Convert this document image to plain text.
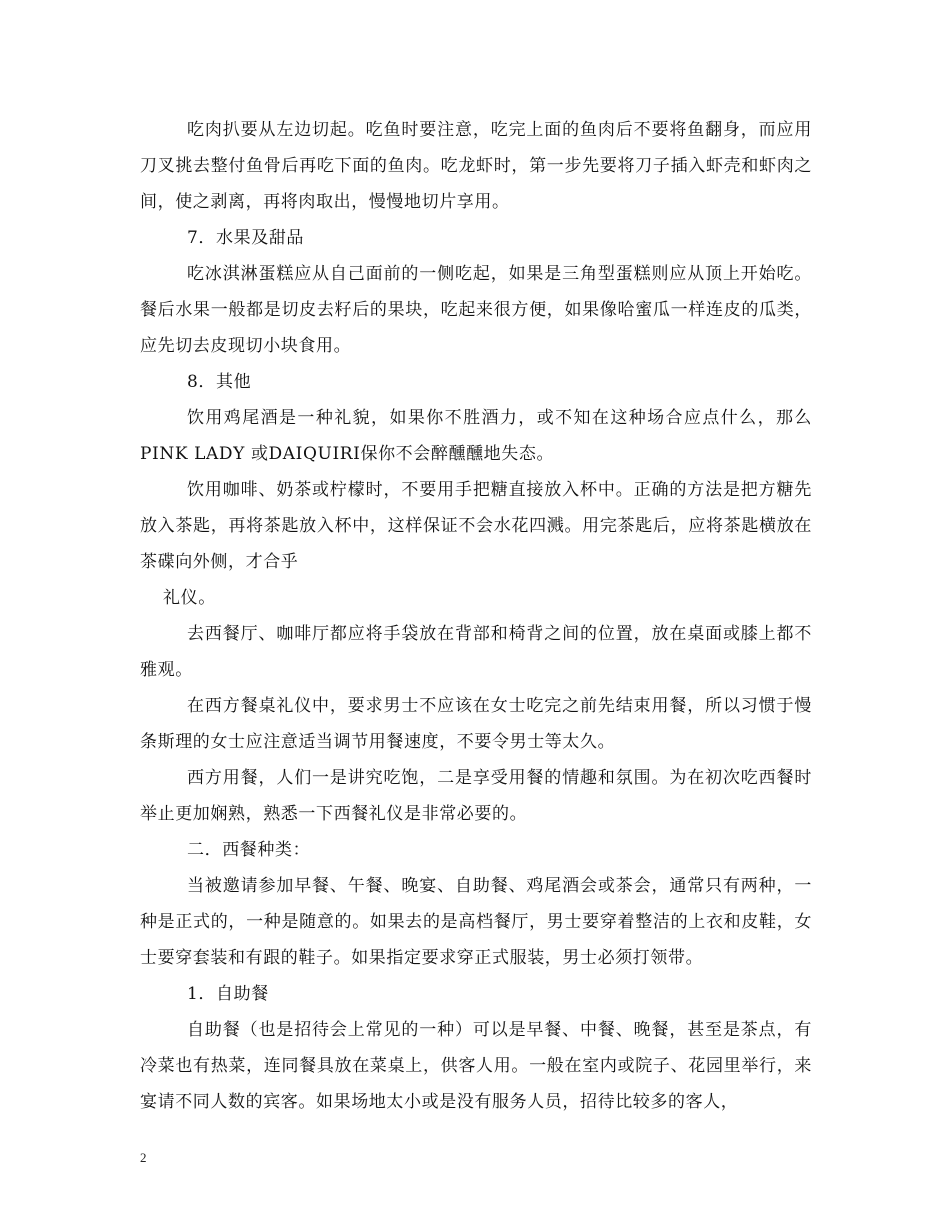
吃肉扒要从左边切起。吃鱼时要注意，吃完上面的鱼肉后不要将鱼翻身，而应用刀叉挑去整付鱼骨后再吃下面的鱼肉。吃龙虾时，第一步先要将刀子插入虾壳和虾肉之间，使之剥离，再将肉取出，慢慢地切片享用。

7．水果及甜品

吃冰淇淋蛋糕应从自己面前的一侧吃起，如果是三角型蛋糕则应从顶上开始吃。餐后水果一般都是切皮去籽后的果块，吃起来很方便，如果像哈蜜瓜一样连皮的瓜类，应先切去皮现切小块食用。

8．其他

饮用鸡尾酒是一种礼貌，如果你不胜酒力，或不知在这种场合应点什么，那么PINK LADY 或DAIQUIRI保你不会醉醺醺地失态。

饮用咖啡、奶茶或柠檬时，不要用手把糖直接放入杯中。正确的方法是把方糖先放入茶匙，再将茶匙放入杯中，这样保证不会水花四溅。用完茶匙后，应将茶匙横放在茶碟向外侧，才合乎

礼仪。

去西餐厅、咖啡厅都应将手袋放在背部和椅背之间的位置，放在桌面或膝上都不雅观。

在西方餐桌礼仪中，要求男士不应该在女士吃完之前先结束用餐，所以习惯于慢条斯理的女士应注意适当调节用餐速度，不要令男士等太久。

西方用餐，人们一是讲究吃饱，二是享受用餐的情趣和氛围。为在初次吃西餐时举止更加娴熟，熟悉一下西餐礼仪是非常必要的。

二．西餐种类：

当被邀请参加早餐、午餐、晚宴、自助餐、鸡尾酒会或茶会，通常只有两种，一种是正式的，一种是随意的。如果去的是高档餐厅，男士要穿着整洁的上衣和皮鞋，女士要穿套装和有跟的鞋子。如果指定要求穿正式服装，男士必须打领带。

1．自助餐

自助餐（也是招待会上常见的一种）可以是早餐、中餐、晚餐，甚至是茶点，有冷菜也有热菜，连同餐具放在菜桌上，供客人用。一般在室内或院子、花园里举行，来宴请不同人数的宾客。如果场地太小或是没有服务人员，招待比较多的客人，

2
